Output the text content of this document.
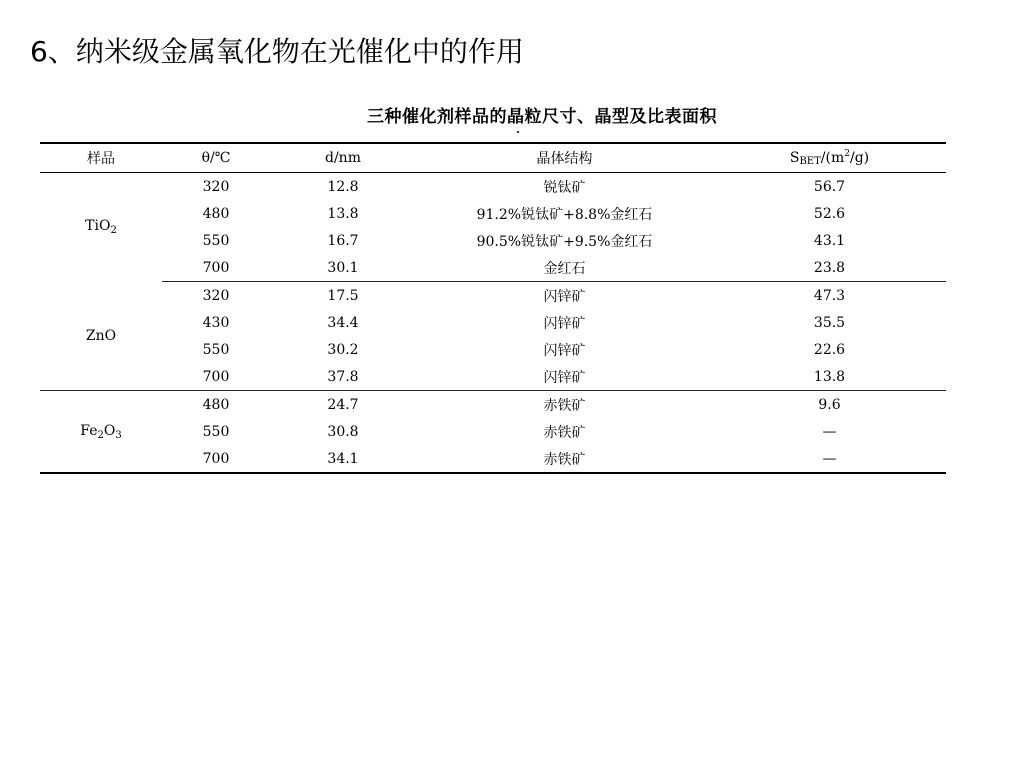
6、纳米级金属氧化物在光催化中的作用
三种催化剂样品的晶粒尺寸、晶型及比表面积
样品	θ/℃	d/nm	晶体结构	SBET/$(m^2/g)$
TiO$_2$	320	12.8	锐钛矿	56.7
	480	13.8	91.2%锐钛矿+8.8%金红石	52.6
	550	16.7	90.5%锐钛矿+9.5%金红石	43.1
	700	30.1	金红石	23.8
ZnO	320	17.5	闪锌矿	47.3
	430	34.4	闪锌矿	35.5
	550	30.2	闪锌矿	22.6
	700	37.8	闪锌矿	13.8
$Fe_2O_3$	480	24.7	赤铁矿	9.6
	550	30.8	赤铁矿	—
	700	34.1	赤铁矿	—
